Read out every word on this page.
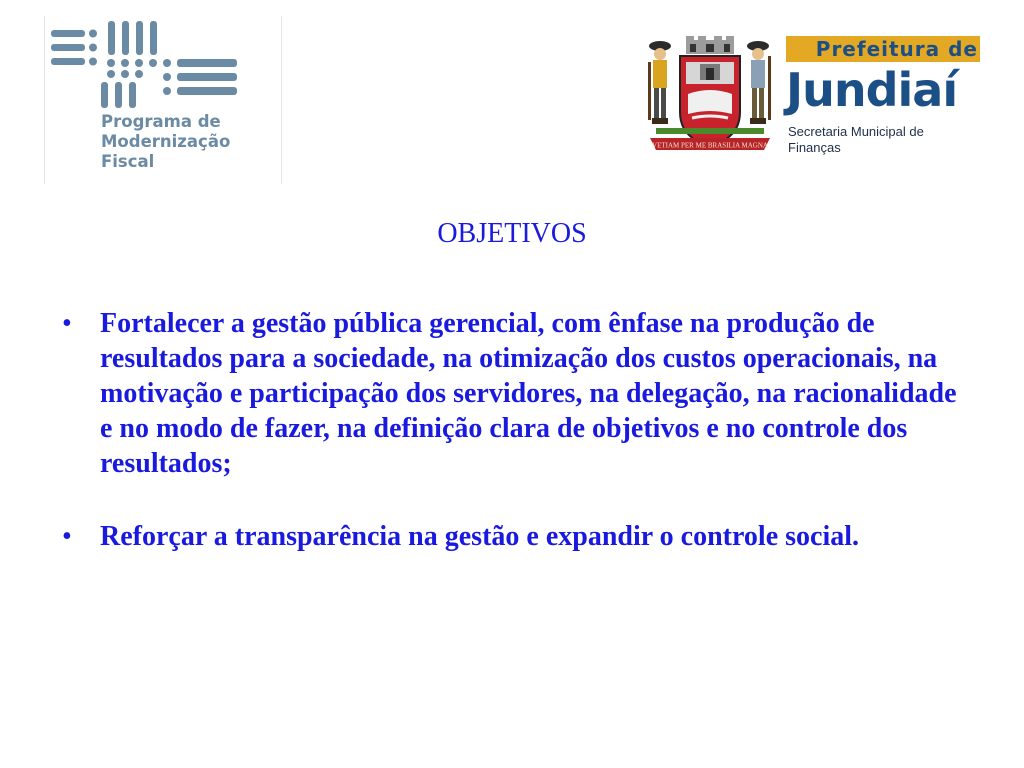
Programa de
Modernização
Fiscal
VETIAM PER ME BRASILIA MAGNA
Prefeitura de
Jundiaí
Secretaria Municipal de
Finanças
OBJETIVOS
• Fortalecer a gestão pública gerencial, com ênfase na produção de resultados para a sociedade, na otimização dos custos operacionais, na motivação e participação dos servidores, na delegação, na racionalidade e no modo de fazer, na definição clara de objetivos e no controle dos resultados;
• Reforçar a transparência na gestão e expandir o controle social.
